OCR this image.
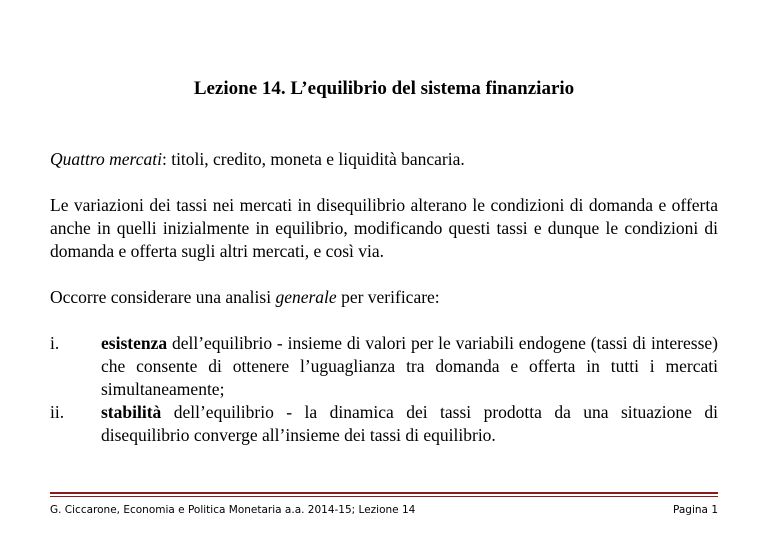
Lezione 14. L’equilibrio del sistema finanziario
Quattro mercati: titoli, credito, moneta e liquidità bancaria.
Le variazioni dei tassi nei mercati in disequilibrio alterano le condizioni di domanda e offerta anche in quelli inizialmente in equilibrio, modificando questi tassi e dunque le condizioni di domanda e offerta sugli altri mercati, e così via.
Occorre considerare una analisi generale per verificare:
i.	esistenza dell’equilibrio - insieme di valori per le variabili endogene (tassi di interesse) che consente di ottenere l’uguaglianza tra domanda e offerta in tutti i mercati simultaneamente;
ii.	stabilità dell’equilibrio - la dinamica dei tassi prodotta da una situazione di disequilibrio converge all’insieme dei tassi di equilibrio.
G. Ciccarone, Economia e Politica Monetaria a.a. 2014-15; Lezione 14	Pagina 1
